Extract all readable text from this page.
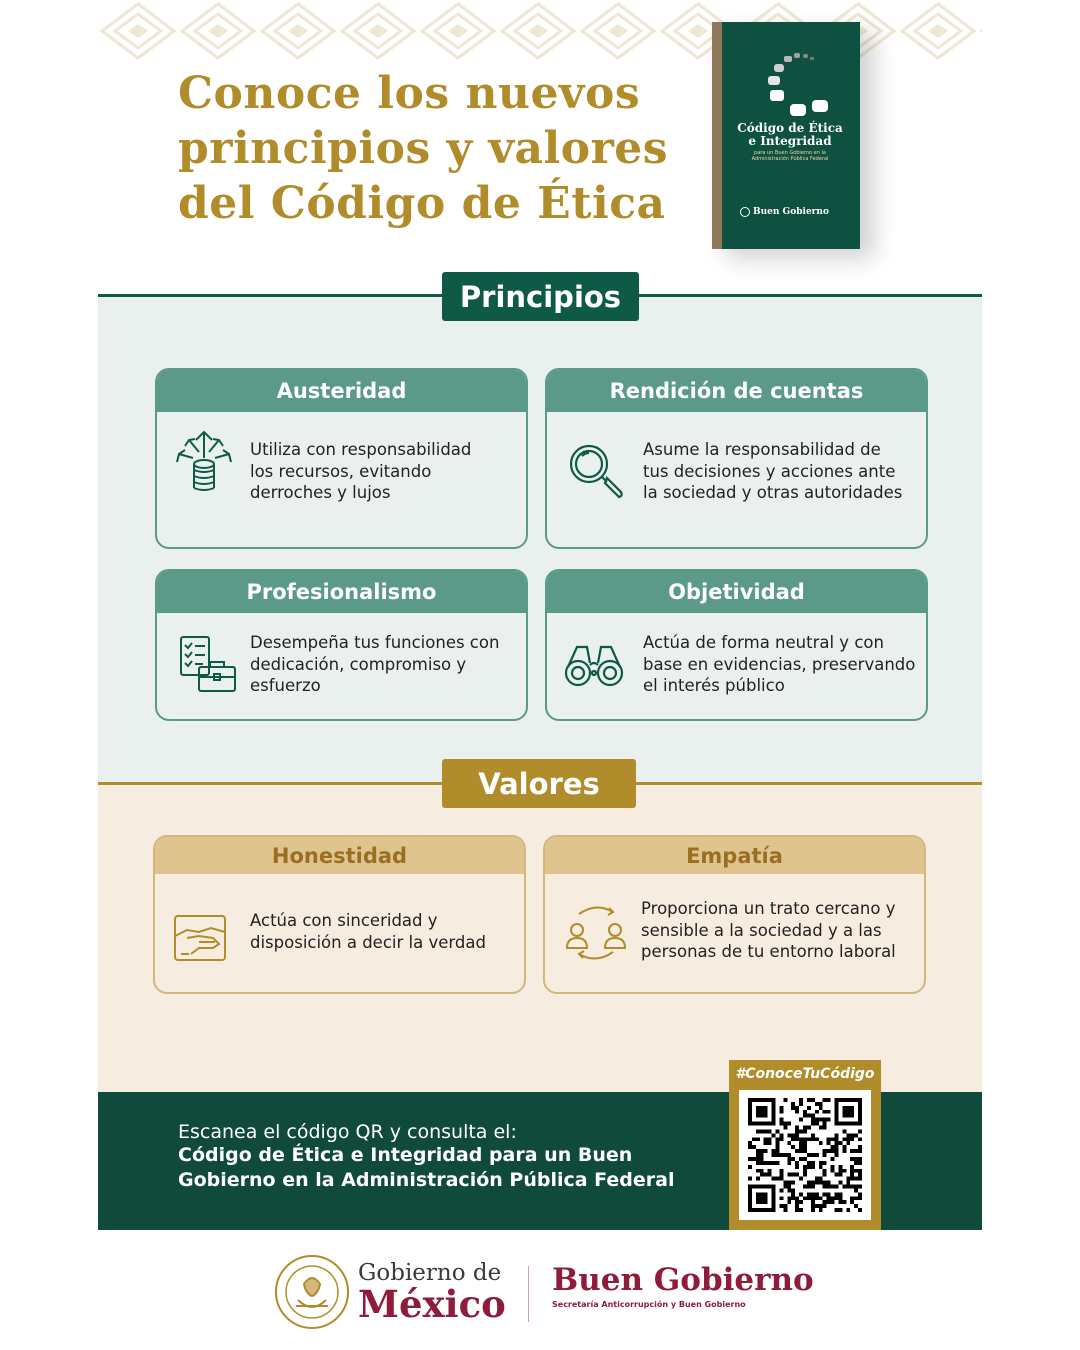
Conoce los nuevos
principios y valores
del Código de Ética
Código de Ética
e Integridad
para un Buen Gobierno en la Administración Pública Federal
Buen Gobierno
Principios
Austeridad
Utiliza con responsabilidad
los recursos, evitando
derroches y lujos
Rendición de cuentas
Asume la responsabilidad de
tus decisiones y acciones ante
la sociedad y otras autoridades
Profesionalismo
Desempeña tus funciones con
dedicación, compromiso y
esfuerzo
Objetividad
Actúa de forma neutral y con
base en evidencias, preservando
el interés público
Valores
Honestidad
Actúa con sinceridad y
disposición a decir la verdad
Empatía
Proporciona un trato cercano y
sensible a la sociedad y a las
personas de tu entorno laboral
Escanea el código QR y consulta el:
Código de Ética e Integridad para un Buen
Gobierno en la Administración Pública Federal
#ConoceTuCódigo
Gobierno de
México
Buen Gobierno
Secretaría Anticorrupción y Buen Gobierno
